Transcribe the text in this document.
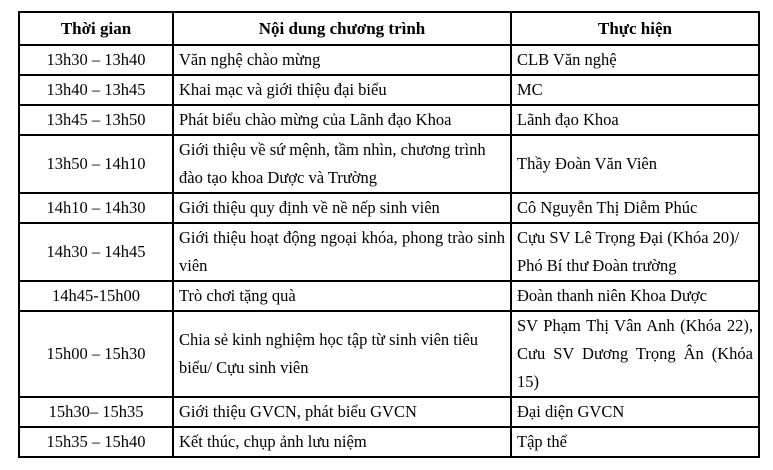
Thời gian	Nội dung chương trình	Thực hiện
13h30 – 13h40	Văn nghệ chào mừng	CLB Văn nghệ
13h40 – 13h45	Khai mạc và giới thiệu đại biểu	MC
13h45 – 13h50	Phát biểu chào mừng của Lãnh đạo Khoa	Lãnh đạo Khoa
13h50 – 14h10	Giới thiệu về sứ mệnh, tầm nhìn, chương trình đào tạo khoa Dược và Trường	Thầy Đoàn Văn Viên
14h10 – 14h30	Giới thiệu quy định về nề nếp sinh viên	Cô Nguyễn Thị Diễm Phúc
14h30 – 14h45	Giới thiệu hoạt động ngoại khóa, phong trào sinh viên	Cựu SV Lê Trọng Đại (Khóa 20)/ Phó Bí thư Đoàn trường
14h45-15h00	Trò chơi tặng quà	Đoàn thanh niên Khoa Dược
15h00 – 15h30	Chia sẻ kinh nghiệm học tập từ sinh viên tiêu biểu/ Cựu sinh viên	SV Phạm Thị Vân Anh (Khóa 22), Cưu SV Dương Trọng Ân (Khóa 15)
15h30– 15h35	Giới thiệu GVCN, phát biểu GVCN	Đại diện GVCN
15h35 – 15h40	Kết thúc, chụp ảnh lưu niệm	Tập thể
